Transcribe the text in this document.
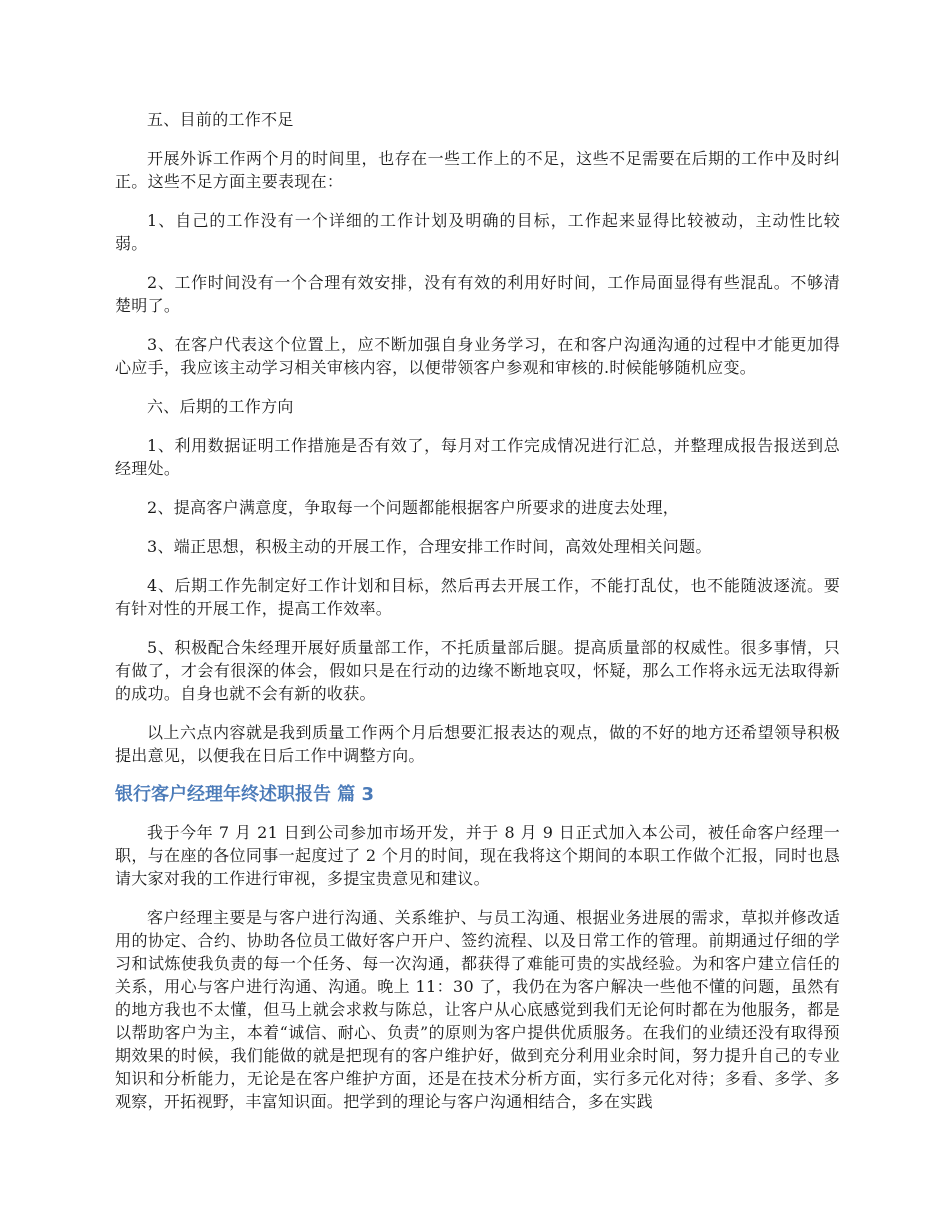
五、目前的工作不足

开展外诉工作两个月的时间里，也存在一些工作上的不足，这些不足需要在后期的工作中及时纠正。这些不足方面主要表现在：

1、自己的工作没有一个详细的工作计划及明确的目标，工作起来显得比较被动，主动性比较弱。

2、工作时间没有一个合理有效安排，没有有效的利用好时间，工作局面显得有些混乱。不够清楚明了。

3、在客户代表这个位置上，应不断加强自身业务学习，在和客户沟通沟通的过程中才能更加得心应手，我应该主动学习相关审核内容，以便带领客户参观和审核的.时候能够随机应变。

六、后期的工作方向

1、利用数据证明工作措施是否有效了，每月对工作完成情况进行汇总，并整理成报告报送到总经理处。

2、提高客户满意度，争取每一个问题都能根据客户所要求的进度去处理，

3、端正思想，积极主动的开展工作，合理安排工作时间，高效处理相关问题。

4、后期工作先制定好工作计划和目标，然后再去开展工作，不能打乱仗，也不能随波逐流。要有针对性的开展工作，提高工作效率。

5、积极配合朱经理开展好质量部工作，不托质量部后腿。提高质量部的权威性。很多事情，只有做了，才会有很深的体会，假如只是在行动的边缘不断地哀叹，怀疑，那么工作将永远无法取得新的成功。自身也就不会有新的收获。

以上六点内容就是我到质量工作两个月后想要汇报表达的观点，做的不好的地方还希望领导积极提出意见，以便我在日后工作中调整方向。

银行客户经理年终述职报告 篇 3

我于今年 7 月 21 日到公司参加市场开发，并于 8 月 9 日正式加入本公司，被任命客户经理一职，与在座的各位同事一起度过了 2 个月的时间，现在我将这个期间的本职工作做个汇报，同时也恳请大家对我的工作进行审视，多提宝贵意见和建议。

客户经理主要是与客户进行沟通、关系维护、与员工沟通、根据业务进展的需求，草拟并修改适用的协定、合约、协助各位员工做好客户开户、签约流程、以及日常工作的管理。前期通过仔细的学习和试炼使我负责的每一个任务、每一次沟通，都获得了难能可贵的实战经验。为和客户建立信任的关系，用心与客户进行沟通、沟通。晚上 11：30 了，我仍在为客户解决一些他不懂的问题，虽然有的地方我也不太懂，但马上就会求救与陈总，让客户从心底感觉到我们无论何时都在为他服务，都是以帮助客户为主，本着“诚信、耐心、负责”的原则为客户提供优质服务。在我们的业绩还没有取得预期效果的时候，我们能做的就是把现有的客户维护好，做到充分利用业余时间，努力提升自己的专业知识和分析能力，无论是在客户维护方面，还是在技术分析方面，实行多元化对待；多看、多学、多观察，开拓视野，丰富知识面。把学到的理论与客户沟通相结合，多在实践
